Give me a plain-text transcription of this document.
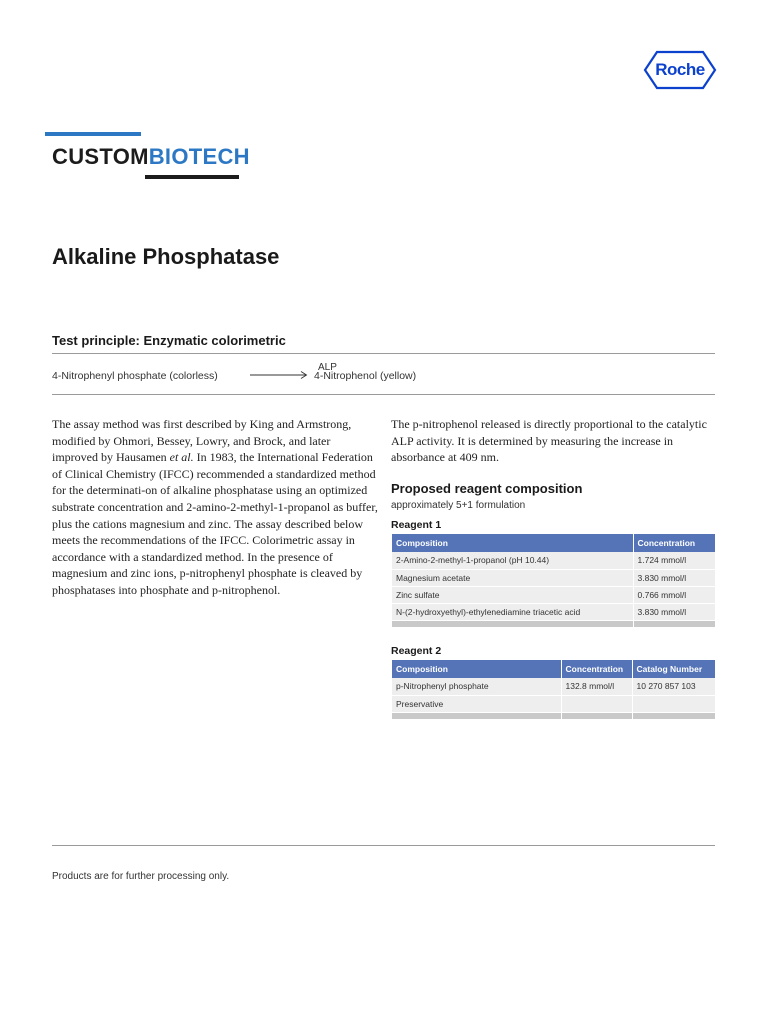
Roche
CUSTOMBIOTECH
Alkaline Phosphatase
Test principle: Enzymatic colorimetric
4-Nitrophenyl phosphate (colorless)
ALP
4-Nitrophenol (yellow)

The assay method was first described by King and Armstrong, modified by Ohmori, Bessey, Lowry, and Brock, and later improved by Hausamen et al. In 1983, the International Federation of Clinical Chemistry (IFCC) recommended a standardized method for the determinati-on of alkaline phosphatase using an optimized substrate concentration and 2-amino-2-methyl-1-propanol as buffer, plus the cations magnesium and zinc. The assay described below meets the recommendations of the IFCC. Colorimetric assay in accordance with a standardized method. In the presence of magnesium and zinc ions, p-nitrophenyl phosphate is cleaved by phosphatases into phosphate and p-nitrophenol.

The p-nitrophenol released is directly proportional to the catalytic ALP activity. It is determined by measuring the increase in absorbance at 409 nm.

Proposed reagent composition
approximately 5+1 formulation
Reagent 1
Composition	Concentration
2-Amino-2-methyl-1-propanol (pH 10.44)	1.724 mmol/l
Magnesium acetate	3.830 mmol/l
Zinc sulfate	0.766 mmol/l
N-(2-hydroxyethyl)-ethylenediamine triacetic acid	3.830 mmol/l

Reagent 2
Composition	Concentration	Catalog Number
p-Nitrophenyl phosphate	132.8 mmol/l	10 270 857 103
Preservative		

Products are for further processing only.
